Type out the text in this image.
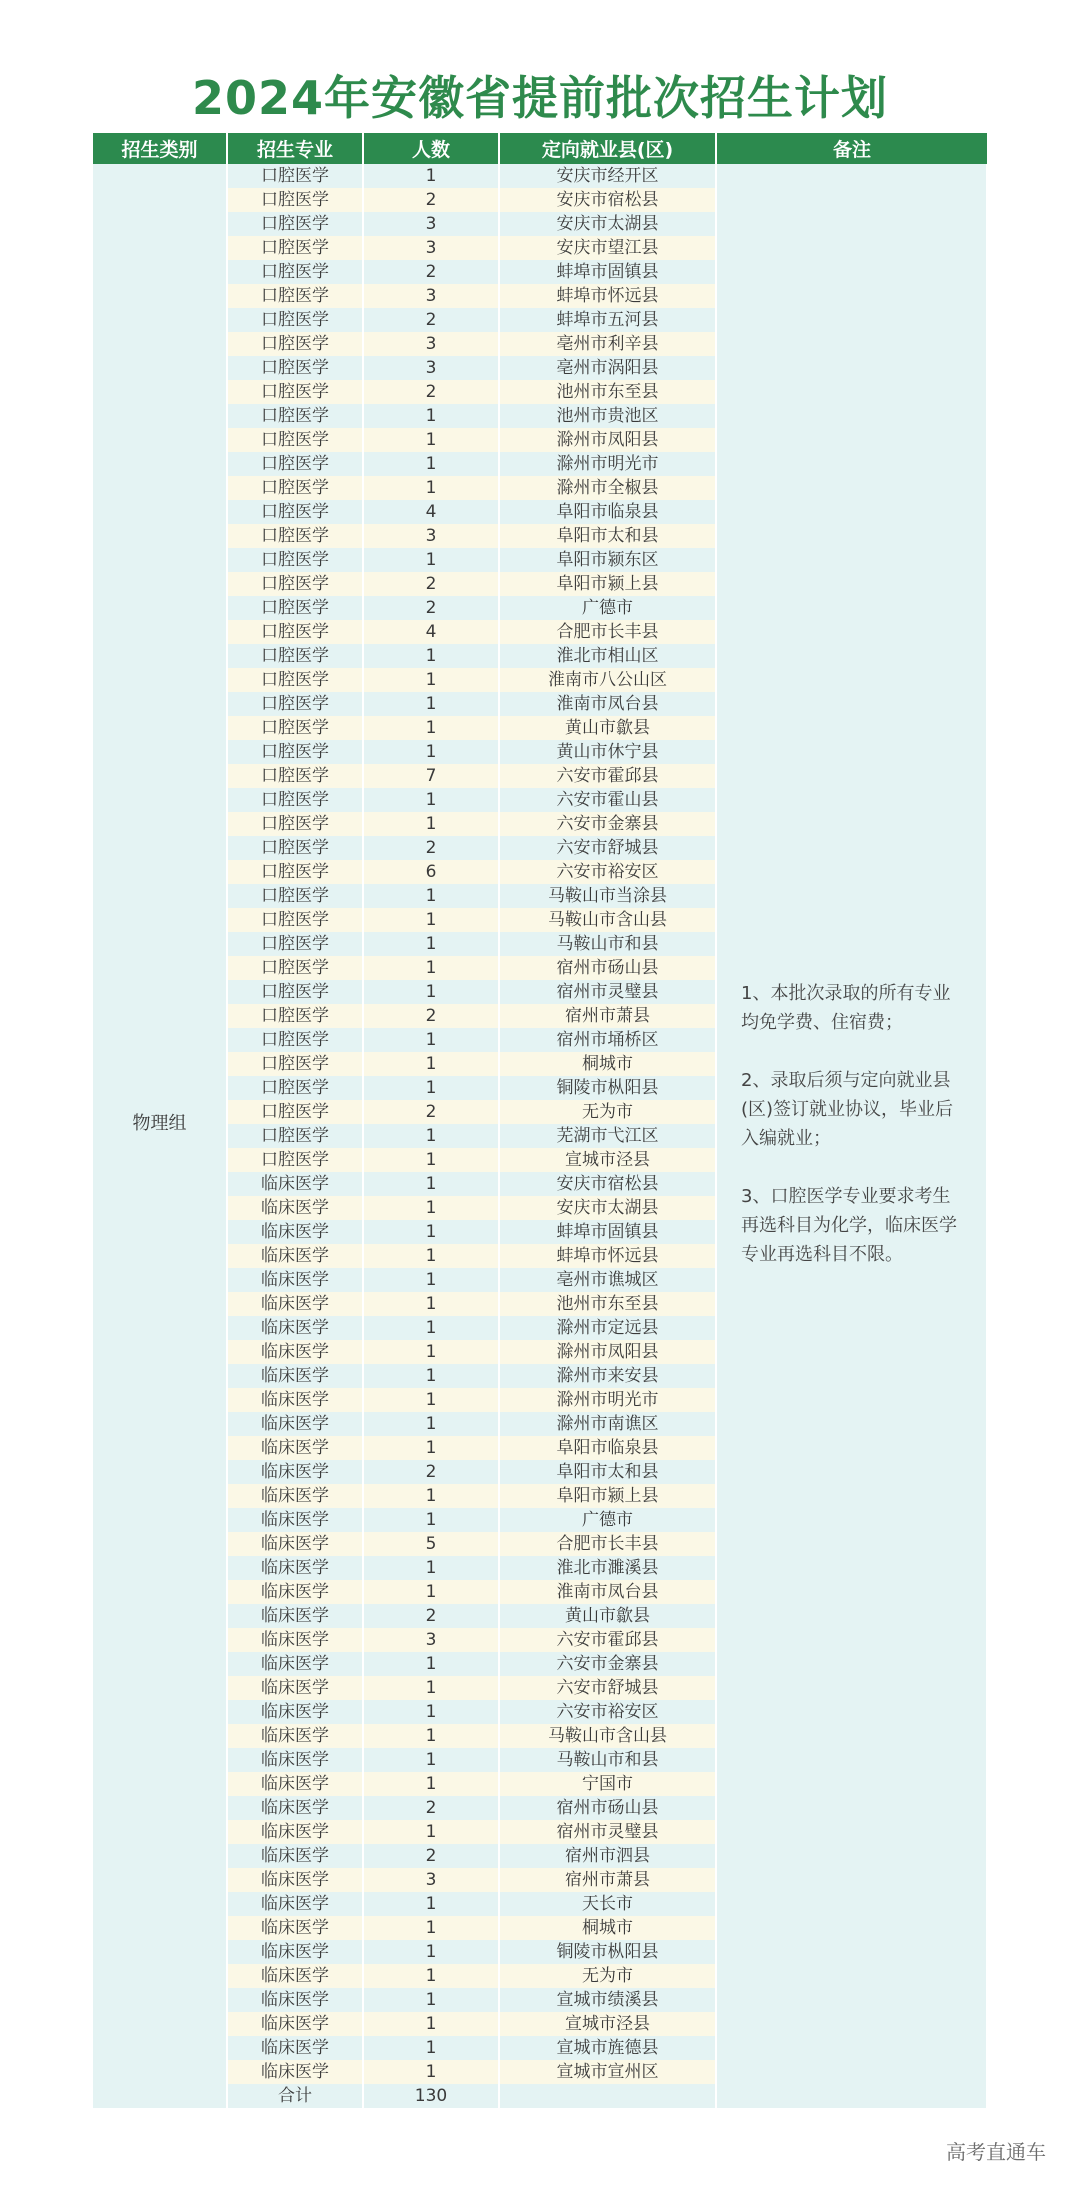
2024年安徽省提前批次招生计划
招生类别	招生专业	人数	定向就业县(区)	备注
物理组	口腔医学	1	安庆市经开区	1、本批次录取的所有专业均免学费、住宿费；

2、录取后须与定向就业县(区)签订就业协议，毕业后入编就业；

3、口腔医学专业要求考生再选科目为化学，临床医学专业再选科目不限。

	口腔医学	2	安庆市宿松县	
	口腔医学	3	安庆市太湖县	
	口腔医学	3	安庆市望江县	
	口腔医学	2	蚌埠市固镇县	
	口腔医学	3	蚌埠市怀远县	
	口腔医学	2	蚌埠市五河县	
	口腔医学	3	亳州市利辛县	
	口腔医学	3	亳州市涡阳县	
	口腔医学	2	池州市东至县	
	口腔医学	1	池州市贵池区	
	口腔医学	1	滁州市凤阳县	
	口腔医学	1	滁州市明光市	
	口腔医学	1	滁州市全椒县	
	口腔医学	4	阜阳市临泉县	
	口腔医学	3	阜阳市太和县	
	口腔医学	1	阜阳市颍东区	
	口腔医学	2	阜阳市颍上县	
	口腔医学	2	广德市	
	口腔医学	4	合肥市长丰县	
	口腔医学	1	淮北市相山区	
	口腔医学	1	淮南市八公山区	
	口腔医学	1	淮南市凤台县	
	口腔医学	1	黄山市歙县	
	口腔医学	1	黄山市休宁县	
	口腔医学	7	六安市霍邱县	
	口腔医学	1	六安市霍山县	
	口腔医学	1	六安市金寨县	
	口腔医学	2	六安市舒城县	
	口腔医学	6	六安市裕安区	
	口腔医学	1	马鞍山市当涂县	
	口腔医学	1	马鞍山市含山县	
	口腔医学	1	马鞍山市和县	
	口腔医学	1	宿州市砀山县	
	口腔医学	1	宿州市灵璧县	
	口腔医学	2	宿州市萧县	
	口腔医学	1	宿州市埇桥区	
	口腔医学	1	桐城市	
	口腔医学	1	铜陵市枞阳县	
	口腔医学	2	无为市	
	口腔医学	1	芜湖市弋江区	
	口腔医学	1	宣城市泾县	
	临床医学	1	安庆市宿松县	
	临床医学	1	安庆市太湖县	
	临床医学	1	蚌埠市固镇县	
	临床医学	1	蚌埠市怀远县	
	临床医学	1	亳州市谯城区	
	临床医学	1	池州市东至县	
	临床医学	1	滁州市定远县	
	临床医学	1	滁州市凤阳县	
	临床医学	1	滁州市来安县	
	临床医学	1	滁州市明光市	
	临床医学	1	滁州市南谯区	
	临床医学	1	阜阳市临泉县	
	临床医学	2	阜阳市太和县	
	临床医学	1	阜阳市颍上县	
	临床医学	1	广德市	
	临床医学	5	合肥市长丰县	
	临床医学	1	淮北市濉溪县	
	临床医学	1	淮南市凤台县	
	临床医学	2	黄山市歙县	
	临床医学	3	六安市霍邱县	
	临床医学	1	六安市金寨县	
	临床医学	1	六安市舒城县	
	临床医学	1	六安市裕安区	
	临床医学	1	马鞍山市含山县	
	临床医学	1	马鞍山市和县	
	临床医学	1	宁国市	
	临床医学	2	宿州市砀山县	
	临床医学	1	宿州市灵璧县	
	临床医学	2	宿州市泗县	
	临床医学	3	宿州市萧县	
	临床医学	1	天长市	
	临床医学	1	桐城市	
	临床医学	1	铜陵市枞阳县	
	临床医学	1	无为市	
	临床医学	1	宣城市绩溪县	
	临床医学	1	宣城市泾县	
	临床医学	1	宣城市旌德县	
	临床医学	1	宣城市宣州区	
	合计	130		
高考直通车
